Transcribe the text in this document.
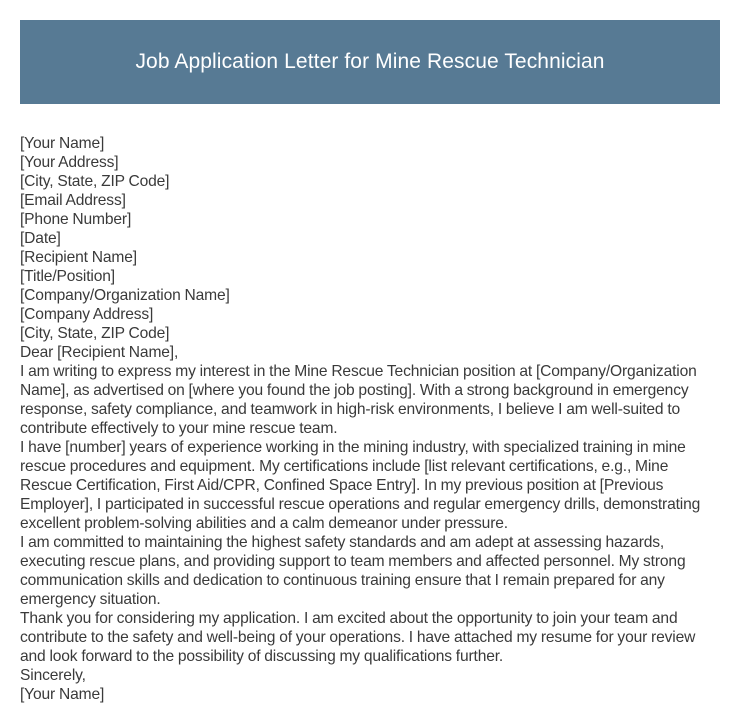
Job Application Letter for Mine Rescue Technician

[Your Name]

[Your Address]

[City, State, ZIP Code]

[Email Address]

[Phone Number]

[Date]

[Recipient Name]

[Title/Position]

[Company/Organization Name]

[Company Address]

[City, State, ZIP Code]

Dear [Recipient Name],

I am writing to express my interest in the Mine Rescue Technician position at [Company/Organization Name], as advertised on [where you found the job posting]. With a strong background in emergency response, safety compliance, and teamwork in high-risk environments, I believe I am well-suited to contribute effectively to your mine rescue team.

I have [number] years of experience working in the mining industry, with specialized training in mine rescue procedures and equipment. My certifications include [list relevant certifications, e.g., Mine Rescue Certification, First Aid/CPR, Confined Space Entry]. In my previous position at [Previous Employer], I participated in successful rescue operations and regular emergency drills, demonstrating excellent problem-solving abilities and a calm demeanor under pressure.

I am committed to maintaining the highest safety standards and am adept at assessing hazards, executing rescue plans, and providing support to team members and affected personnel. My strong communication skills and dedication to continuous training ensure that I remain prepared for any emergency situation.

Thank you for considering my application. I am excited about the opportunity to join your team and contribute to the safety and well-being of your operations. I have attached my resume for your review and look forward to the possibility of discussing my qualifications further.

Sincerely,

[Your Name]
